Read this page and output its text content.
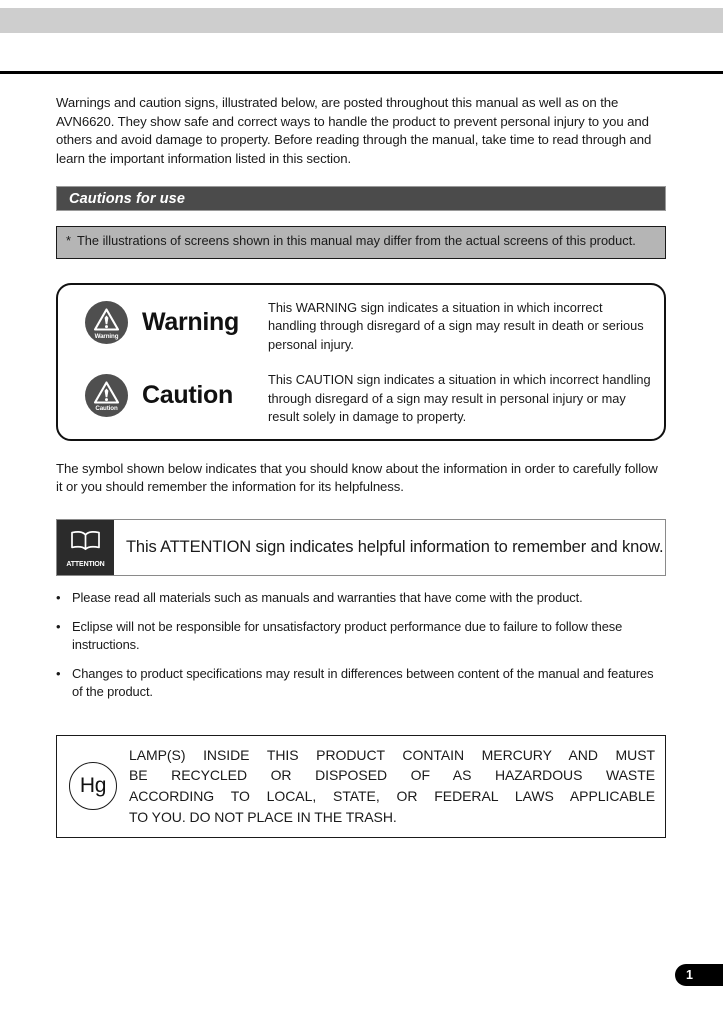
Warnings and caution signs, illustrated below, are posted throughout this manual as well as on the AVN6620. They show safe and correct ways to handle the product to prevent personal injury to you and others and avoid damage to property. Before reading through the manual, take time to read through and learn the important information listed in this section.

Cautions for use
* The illustrations of screens shown in this manual may differ from the actual screens of this product.
Warning Warning
This WARNING sign indicates a situation in which incorrect handling through disregard of a sign may result in death or serious personal injury.
Caution Caution
This CAUTION sign indicates a situation in which incorrect handling through disregard of a sign may result in personal injury or may result solely in damage to property.

The symbol shown below indicates that you should know about the information in order to carefully follow it or you should remember the information for its helpfulness.

ATTENTION
This ATTENTION sign indicates helpful information to remember and know.
• Please read all materials such as manuals and warranties that have come with the product.
• Eclipse will not be responsible for unsatisfactory product performance due to failure to follow these instructions.
• Changes to product specifications may result in differences between content of the manual and features of the product.
Hg
LAMP(S) INSIDE THIS PRODUCT CONTAIN MERCURY AND MUST
BE RECYCLED OR DISPOSED OF AS HAZARDOUS WASTE
ACCORDING TO LOCAL, STATE, OR FEDERAL LAWS APPLICABLE
TO YOU. DO NOT PLACE IN THE TRASH.
1
